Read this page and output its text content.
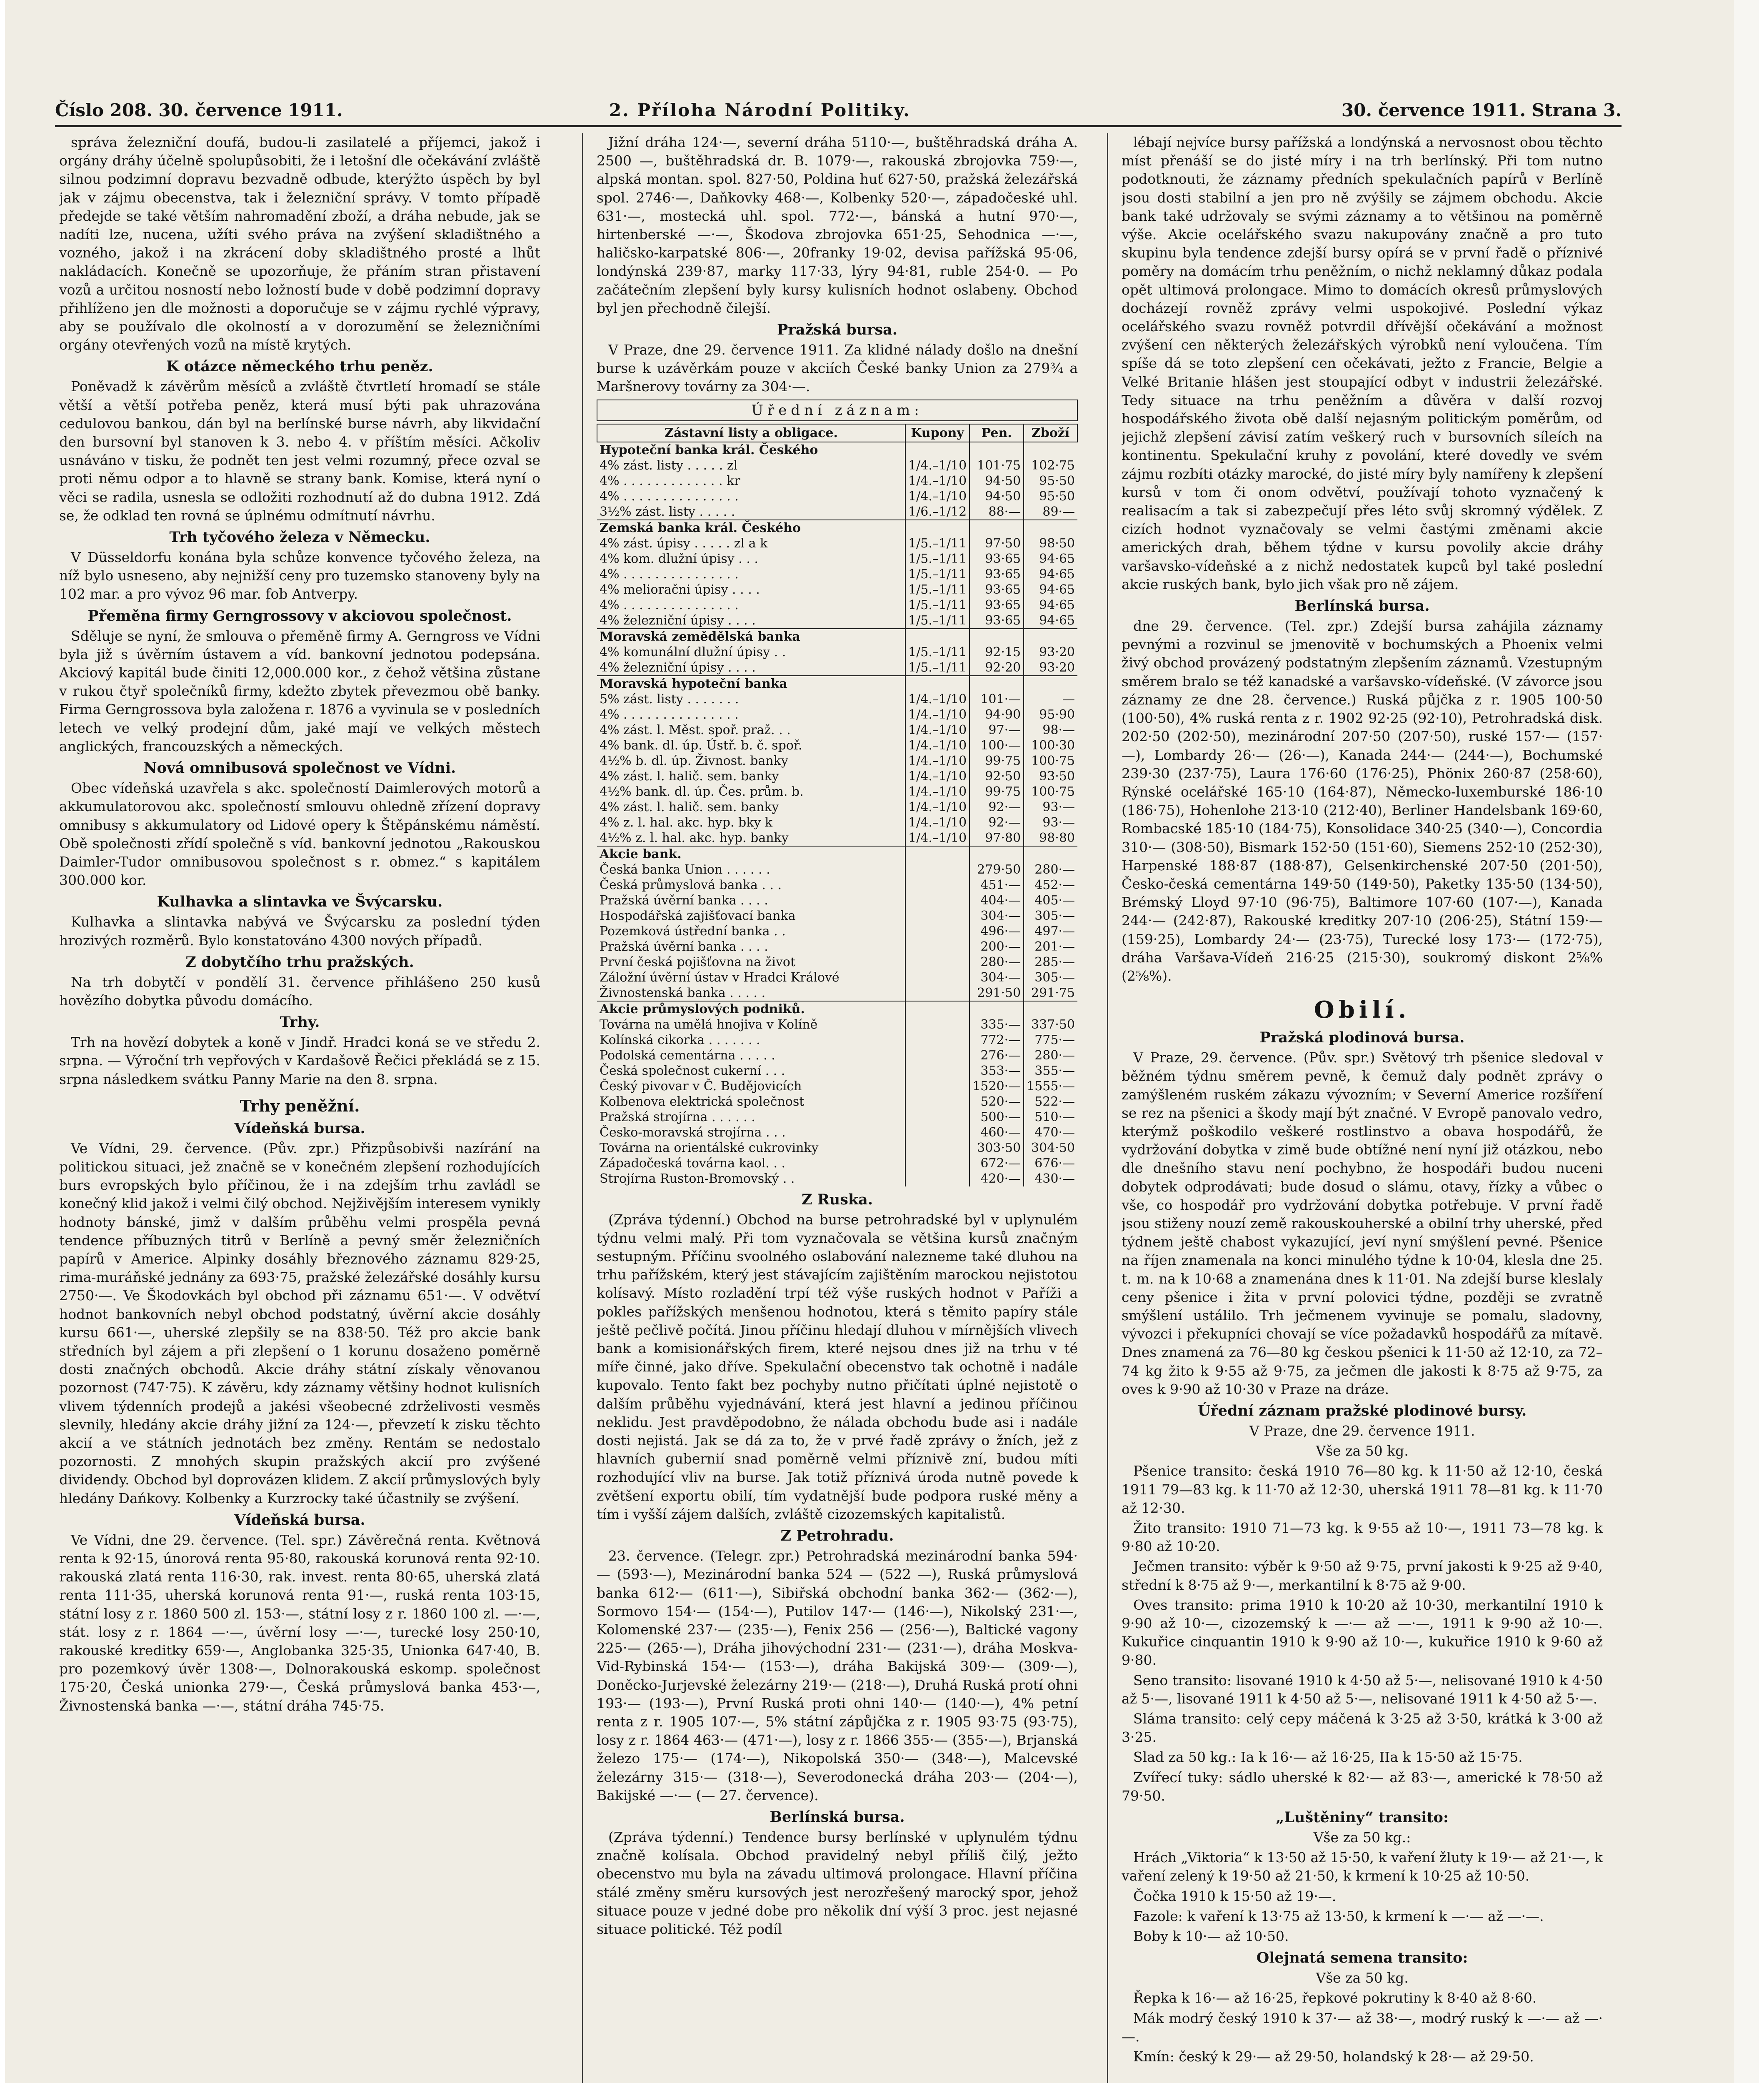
Číslo 208. 30. července 1911.	2. Příloha Národní Politiky.	30. července 1911. Strana 3.

správa železniční doufá, budou-li zasilatelé a příjemci, jakož i orgány dráhy účelně spolupůsobiti, že i letošní dle očekávání zvláště silnou podzimní dopravu bezvadně odbude, kterýžto úspěch by byl jak v zájmu obecenstva, tak i železniční správy. V tomto případě předejde se také větším nahromadění zboží, a dráha nebude, jak se nadíti lze, nucena, užíti svého práva na zvýšení skladištného a vozného, jakož i na zkrácení doby skladištného prosté a lhůt nakládacích. Konečně se upozorňuje, že přáním stran přistavení vozů a určitou nosností nebo ložností bude v době podzimní dopravy přihlíženo jen dle možnosti a doporučuje se v zájmu rychlé výpravy, aby se používalo dle okolností a v dorozumění se železničními orgány otevřených vozů na místě krytých.

K otázce německého trhu peněz.

Poněvadž k závěrům měsíců a zvláště čtvrtletí hromadí se stále větší a větší potřeba peněz, která musí býti pak uhrazována cedulovou bankou, dán byl na berlínské burse návrh, aby likvidační den bursovní byl stanoven k 3. nebo 4. v příštím měsíci. Ačkoliv usnáváno v tisku, že podnět ten jest velmi rozumný, přece ozval se proti němu odpor a to hlavně se strany bank. Komise, která nyní o věci se radila, usnesla se odložiti rozhodnutí až do dubna 1912. Zdá se, že odklad ten rovná se úplnému odmítnutí návrhu.

Trh tyčového železa v Německu.

V Düsseldorfu konána byla schůze konvence tyčového železa, na níž bylo usneseno, aby nejnižší ceny pro tuzemsko stanoveny byly na 102 mar. a pro vývoz 96 mar. fob Antverpy.

Přeměna firmy Gerngrossovy v akciovou společnost.

Sděluje se nyní, že smlouva o přeměně firmy A. Gerngross ve Vídni byla již s úvěrním ústavem a víd. bankovní jednotou podepsána. Akciový kapitál bude činiti 12,000.000 kor., z čehož většina zůstane v rukou čtyř společníků firmy, kdežto zbytek převezmou obě banky. Firma Gerngrossova byla založena r. 1876 a vyvinula se v posledních letech ve velký prodejní dům, jaké mají ve velkých městech anglických, francouzských a německých.

Nová omnibusová společnost ve Vídni.

Obec vídeňská uzavřela s akc. společností Daimlerových motorů a akkumulatorovou akc. společností smlouvu ohledně zřízení dopravy omnibusy s akkumulatory od Lidové opery k Štěpánskému náměstí. Obě společnosti zřídí společně s víd. bankovní jednotou „Rakouskou Daimler-Tudor omnibusovou společnost s r. obmez.“ s kapitálem 300.000 kor.

Kulhavka a slintavka ve Švýcarsku.

Kulhavka a slintavka nabývá ve Švýcarsku za poslední týden hrozivých rozměrů. Bylo konstatováno 4300 nových případů.

Z dobytčího trhu pražských.

Na trh dobytčí v pondělí 31. července přihlášeno 250 kusů hovězího dobytka původu domácího.

Trhy.

Trh na hovězí dobytek a koně v Jindř. Hradci koná se ve středu 2. srpna. — Výroční trh vepřových v Kardašově Řečici překládá se z 15. srpna následkem svátku Panny Marie na den 8. srpna.

Trhy peněžní.
Vídeňská bursa.

Ve Vídni, 29. července. (Pův. zpr.) Přizpůsobivši nazírání na politickou situaci, jež značně se v konečném zlepšení rozhodujících burs evropských bylo příčinou, že i na zdejším trhu zavládl se konečný klid jakož i velmi čilý obchod. Nejživějším interesem vynikly hodnoty bánské, jimž v dalším průběhu velmi prospěla pevná tendence příbuzných titrů v Berlíně a pevný směr železničních papírů v Americe. Alpinky dosáhly březnového záznamu 829·25, rima-muráňské jednány za 693·75, pražské železářské dosáhly kursu 2750·—. Ve Škodovkách byl obchod při záznamu 651·—. V odvětví hodnot bankovních nebyl obchod podstatný, úvěrní akcie dosáhly kursu 661·—, uherské zlepšily se na 838·50. Též pro akcie bank středních byl zájem a při zlepšení o 1 korunu dosaženo poměrně dosti značných obchodů. Akcie dráhy státní získaly věnovanou pozornost (747·75). K závěru, kdy záznamy většiny hodnot kulisních vlivem týdenních prodejů a jakési všeobecné zdrželivosti vesměs slevnily, hledány akcie dráhy jižní za 124·—, převzetí k zisku těchto akcií a ve státních jednotách bez změny. Rentám se nedostalo pozornosti. Z mnohých skupin pražských akcií pro zvýšené dividendy. Obchod byl doprovázen klidem. Z akcií průmyslových byly hledány Dańkovy. Kolbenky a Kurzrocky také účastnily se zvýšení.

Vídeňská bursa.

Ve Vídni, dne 29. července. (Tel. spr.) Závěrečná renta. Květnová renta k 92·15, únorová renta 95·80, rakouská korunová renta 92·10. rakouská zlatá renta 116·30, rak. invest. renta 80·65, uherská zlatá renta 111·35, uherská korunová renta 91·—, ruská renta 103·15, státní losy z r. 1860 500 zl. 153·—, státní losy z r. 1860 100 zl. —·—, stát. losy z r. 1864 —·—, úvěrní losy —·—, turecké losy 250·10, rakouské kreditky 659·—, Anglobanka 325·35, Unionka 647·40, B. pro pozemkový úvěr 1308·—, Dolnorakouská eskomp. společnost 175·20, Česká unionka 279·—, Česká průmyslová banka 453·—, Živnostenská banka —·—, státní dráha 745·75.

Jižní dráha 124·—, severní dráha 5110·—, buštěhradská dráha A. 2500 —, buštěhradská dr. B. 1079·—, rakouská zbrojovka 759·—, alpská montan. spol. 827·50, Poldina huť 627·50, pražská železářská spol. 2746·—, Daňkovky 468·—, Kolbenky 520·—, západočeské uhl. 631·—, mostecká uhl. spol. 772·—, bánská a hutní 970·—, hirtenberské —·—, Škodova zbrojovka 651·25, Sehodnica —·—, haličsko-karpatské 806·—, 20franky 19·02, devisa pařížská 95·06, londýnská 239·87, marky 117·33, lýry 94·81, ruble 254·0. — Po začátečním zlepšení byly kursy kulisních hodnot oslabeny. Obchod byl jen přechodně čilejší.

Pražská bursa.

V Praze, dne 29. července 1911. Za klidné nálady došlo na dnešní burse k uzávěrkám pouze v akciích České banky Union za 279¾ a Maršnerovy továrny za 304·—.

Úřední záznam:
Zástavní listy a obligace.	Kupony	Pen.	Zboží
Hypoteční banka král. Českého			
4% zást. listy . . . . . zl	1/4.–1/10	101·75	102·75
4% . . . . . . . . . . . . . kr	1/4.–1/10	94·50	95·50
4% . . . . . . . . . . . . . . .	1/4.–1/10	94·50	95·50
3½% zást. listy . . . . .	1/6.–1/12	88·—	89·—
Zemská banka král. Českého			
4% zást. úpisy . . . . . zl a k	1/5.–1/11	97·50	98·50
4% kom. dlužní úpisy . . .	1/5.–1/11	93·65	94·65
4% . . . . . . . . . . . . . . .	1/5.–1/11	93·65	94·65
4% melioračni úpisy . . . .	1/5.–1/11	93·65	94·65
4% . . . . . . . . . . . . . . .	1/5.–1/11	93·65	94·65
4% železniční úpisy . . . .	1/5.–1/11	93·65	94·65
Moravská zemědělská banka			
4% komunální dlužní úpisy . .	1/5.–1/11	92·15	93·20
4% železniční úpisy . . . .	1/5.–1/11	92·20	93·20
Moravská hypoteční banka			
5% zást. listy . . . . . . .	1/4.–1/10	101·—	—
4% . . . . . . . . . . . . . . .	1/4.–1/10	94·90	95·90
4% zást. l. Měst. spoř. praž. . .	1/4.–1/10	97·—	98·—
4% bank. dl. úp. Ústř. b. č. spoř.	1/4.–1/10	100·—	100·30
4½% b. dl. úp. Živnost. banky	1/4.–1/10	99·75	100·75
4% zást. l. halič. sem. banky	1/4.–1/10	92·50	93·50
4½% bank. dl. úp. Čes. prům. b.	1/4.–1/10	99·75	100·75
4% zást. l. halič. sem. banky	1/4.–1/10	92·—	93·—
4% z. l. hal. akc. hyp. bky k	1/4.–1/10	92·—	93·—
4½% z. l. hal. akc. hyp. banky	1/4.–1/10	97·80	98·80
Akcie bank.			
Česká banka Union . . . . . .		279·50	280·—
Česká průmyslová banka . . .		451·—	452·—
Pražská úvěrní banka . . . .		404·—	405·—
Hospodářská zajišťovací banka		304·—	305·—
Pozemková ústřední banka . .		496·—	497·—
Pražská úvěrní banka . . . .		200·—	201·—
První česká pojišťovna na život		280·—	285·—
Záložní úvěrní ústav v Hradci Králové		304·—	305·—
Živnostenská banka . . . . .		291·50	291·75
Akcie průmyslových podniků.			
Továrna na umělá hnojiva v Kolíně		335·—	337·50
Kolínská cikorka . . . . . . .		772·—	775·—
Podolská cementárna . . . . .		276·—	280·—
Česká společnost cukerní . . .		353·—	355·—
Český pivovar v Č. Budějovicích		1520·—	1555·—
Kolbenova elektrická společnost		520·—	522·—
Pražská strojírna . . . . . .		500·—	510·—
Česko-moravská strojírna . . .		460·—	470·—
Továrna na orientálské cukrovinky		303·50	304·50
Západočeská továrna kaol. . .		672·—	676·—
Strojírna Ruston-Bromovský . .		420·—	430·—
Z Ruska.

(Zpráva týdenní.) Obchod na burse petrohradské byl v uplynulém týdnu velmi malý. Při tom vyznačovala se většina kursů značným sestupným. Příčinu svoolného oslabování nalezneme také dluhou na trhu pařížském, který jest stávajícím zajištěním marockou nejistotou kolísavý. Místo rozladění trpí též výše ruských hodnot v Paříži a pokles pařížských menšenou hodnotou, která s těmito papíry stále ještě pečlivě počítá. Jinou příčinu hledají dluhou v mírnějších vlivech bank a komisionářských firem, které nejsou dnes již na trhu v té míře činné, jako dříve. Spekulační obecenstvo tak ochotně i nadále kupovalo. Tento fakt bez pochyby nutno přičítati úplné nejistotě o dalším průběhu vyjednávání, která jest hlavní a jedinou příčinou neklidu. Jest pravděpodobno, že nálada obchodu bude asi i nadále dosti nejistá. Jak se dá za to, že v prvé řadě zprávy o žních, jež z hlavních gubernií snad poměrně velmi příznivě zní, budou míti rozhodující vliv na burse. Jak totiž příznivá úroda nutně povede k zvětšení exportu obilí, tím vydatnější bude podpora ruské měny a tím i vyšší zájem dalších, zvláště cizozemských kapitalistů.

Z Petrohradu.

23. července. (Telegr. zpr.) Petrohradská mezinárodní banka 594·— (593·—), Mezinárodní banka 524 — (522 —), Ruská průmyslová banka 612·— (611·—), Sibiřská obchodní banka 362·— (362·—), Sormovo 154·— (154·—), Putilov 147·— (146·—), Nikolský 231·—, Kolomenské 237·— (235·—), Fenix 256 — (256·—), Baltické vagony 225·— (265·—), Dráha jihovýchodní 231·— (231·—), dráha Moskva-Vid-Rybinská 154·— (153·—), dráha Bakijská 309·— (309·—), Doněcko-Jurjevské železárny 219·— (218·—), Druhá Ruská protí ohni 193·— (193·—), První Ruská proti ohni 140·— (140·—), 4% petní renta z r. 1905 107·—, 5% státní zápůjčka z r. 1905 93·75 (93·75), losy z r. 1864 463·— (471·—), losy z r. 1866 355·— (355·—), Brjanská železo 175·— (174·—), Nikopolská 350·— (348·—), Malcevské železárny 315·— (318·—), Severodonecká dráha 203·— (204·—), Bakijské —·— (— 27. července).

Berlínská bursa.

(Zpráva týdenní.) Tendence bursy berlínské v uplynulém týdnu značně kolísala. Obchod pravidelný nebyl příliš čilý, ježto obecenstvo mu byla na závadu ultimová prolongace. Hlavní příčina stálé změny směru kursových jest nerozřešený marocký spor, jehož situace pouze v jedné dobe pro několik dní výší 3 proc. jest nejasné situace politické. Též podíl

lébají nejvíce bursy pařížská a londýnská a nervosnost obou těchto míst přenáší se do jisté míry i na trh berlínský. Při tom nutno podotknouti, že záznamy předních spekulačních papírů v Berlíně jsou dosti stabilní a jen pro ně zvýšily se zájmem obchodu. Akcie bank také udržovaly se svými záznamy a to většinou na poměrně výše. Akcie ocelářského svazu nakupovány značně a pro tuto skupinu byla tendence zdejší bursy opírá se v první řadě o příznivé poměry na domácím trhu peněžním, o nichž neklamný důkaz podala opět ultimová prolongace. Mimo to domácích okresů průmyslových docházejí rovněž zprávy velmi uspokojivé. Poslední výkaz ocelářského svazu rovněž potvrdil dřívější očekávání a možnost zvýšení cen některých železářských výrobků není vyloučena. Tím spíše dá se toto zlepšení cen očekávati, ježto z Francie, Belgie a Velké Britanie hlášen jest stoupající odbyt v industrii železářské. Tedy situace na trhu peněžním a důvěra v další rozvoj hospodářského života obě další nejasným politickým poměrům, od jejichž zlepšení závisí zatím veškerý ruch v bursovních síleích na kontinentu. Spekulační kruhy z povolání, které dovedly ve svém zájmu rozbíti otázky marocké, do jisté míry byly namířeny k zlepšení kursů v tom či onom odvětví, používají tohoto vyznačený k realisacím a tak si zabezpečují přes léto svůj skromný výdělek. Z cizích hodnot vyznačovaly se velmi častými změnami akcie amerických drah, během týdne v kursu povolily akcie dráhy varšavsko-vídeňské a z nichž nedostatek kupců byl také poslední akcie ruských bank, bylo jich však pro ně zájem.

Berlínská bursa.

dne 29. července. (Tel. zpr.) Zdejší bursa zahájila záznamy pevnými a rozvinul se jmenovitě v bochumských a Phoenix velmi živý obchod provázený podstatným zlepšením záznamů. Vzestupným směrem bralo se též kanadské a varšavsko-vídeňské. (V závorce jsou záznamy ze dne 28. července.) Ruská půjčka z r. 1905 100·50 (100·50), 4% ruská renta z r. 1902 92·25 (92·10), Petrohradská disk. 202·50 (202·50), mezinárodní 207·50 (207·50), ruské 157·— (157·—), Lombardy 26·— (26·—), Kanada 244·— (244·—), Bochumské 239·30 (237·75), Laura 176·60 (176·25), Phönix 260·87 (258·60), Rýnské ocelářské 165·10 (164·87), Německo-luxemburské 186·10 (186·75), Hohenlohe 213·10 (212·40), Berliner Handelsbank 169·60, Rombacské 185·10 (184·75), Konsolidace 340·25 (340·—), Concordia 310·— (308·50), Bismark 152·50 (151·60), Siemens 252·10 (252·30), Harpenské 188·87 (188·87), Gelsenkirchenské 207·50 (201·50), Česko-česká cementárna 149·50 (149·50), Paketky 135·50 (134·50), Brémský Lloyd 97·10 (96·75), Baltimore 107·60 (107·—), Kanada 244·— (242·87), Rakouské kreditky 207·10 (206·25), Státní 159·— (159·25), Lombardy 24·— (23·75), Turecké losy 173·— (172·75), dráha Varšava-Vídeň 216·25 (215·30), soukromý diskont 2⅝% (2⅝%).

Obilí.
Pražská plodinová bursa.

V Praze, 29. července. (Pův. spr.) Světový trh pšenice sledoval v běžném týdnu směrem pevně, k čemuž daly podnět zprávy o zamýšleném ruském zákazu vývozním; v Severní Americe rozšíření se rez na pšenici a škody mají být značné. V Evropě panovalo vedro, kterýmž poškodilo veškeré rostlinstvo a obava hospodářů, že vydržování dobytka v zimě bude obtížné není nyní již otázkou, nebo dle dnešního stavu není pochybno, že hospodáři budou nuceni dobytek odprodávati; bude dosud o slámu, otavy, řízky a vůbec o vše, co hospodář pro vydržování dobytka potřebuje. V první řadě jsou stiženy nouzí země rakouskouherské a obilní trhy uherské, před týdnem ještě chabost vykazující, jeví nyní smýšlení pevné. Pšenice na říjen znamenala na konci minulého týdne k 10·04, klesla dne 25. t. m. na k 10·68 a znamenána dnes k 11·01. Na zdejší burse kleslaly ceny pšenice i žita v první polovici týdne, později se zvratně smýšlení ustálilo. Trh ječmenem vyvinuje se pomalu, sladovny, vývozci i překupníci chovají se více požadavků hospodářů za mítavě. Dnes znamená za 76—80 kg českou pšenici k 11·50 až 12·10, za 72–74 kg žito k 9·55 až 9·75, za ječmen dle jakosti k 8·75 až 9·75, za oves k 9·90 až 10·30 v Praze na dráze.

Úřední záznam pražské plodinové bursy.

V Praze, dne 29. července 1911.

Vše za 50 kg.

Pšenice transito: česká 1910 76—80 kg. k 11·50 až 12·10, česká 1911 79—83 kg. k 11·70 až 12·30, uherská 1911 78—81 kg. k 11·70 až 12·30.

Žito transito: 1910 71—73 kg. k 9·55 až 10·—, 1911 73—78 kg. k 9·80 až 10·20.

Ječmen transito: výběr k 9·50 až 9·75, první jakosti k 9·25 až 9·40, střední k 8·75 až 9·—, merkantilní k 8·75 až 9·00.

Oves transito: prima 1910 k 10·20 až 10·30, merkantilní 1910 k 9·90 až 10·—, cizozemský k —·— až —·—, 1911 k 9·90 až 10·—. Kukuřice cinquantin 1910 k 9·90 až 10·—, kukuřice 1910 k 9·60 až 9·80.

Seno transito: lisované 1910 k 4·50 až 5·—, nelisované 1910 k 4·50 až 5·—, lisované 1911 k 4·50 až 5·—, nelisované 1911 k 4·50 až 5·—.

Sláma transito: celý cepy máčená k 3·25 až 3·50, krátká k 3·00 až 3·25.

Slad za 50 kg.: Ia k 16·— až 16·25, IIa k 15·50 až 15·75.

Zvířecí tuky: sádlo uherské k 82·— až 83·—, americké k 78·50 až 79·50.

„Luštěniny“ transito:

Vše za 50 kg.:

Hrách „Viktoria“ k 13·50 až 15·50, k vaření žluty k 19·— až 21·—, k vaření zelený k 19·50 až 21·50, k krmení k 10·25 až 10·50.

Čočka 1910 k 15·50 až 19·—.

Fazole: k vaření k 13·75 až 13·50, k krmení k —·— až —·—.

Boby k 10·— až 10·50.

Olejnatá semena transito:

Vše za 50 kg.

Řepka k 16·— až 16·25, řepkové pokrutiny k 8·40 až 8·60.

Mák modrý český 1910 k 37·— až 38·—, modrý ruský k —·— až —·—.

Kmín: český k 29·— až 29·50, holandský k 28·— až 29·50.
